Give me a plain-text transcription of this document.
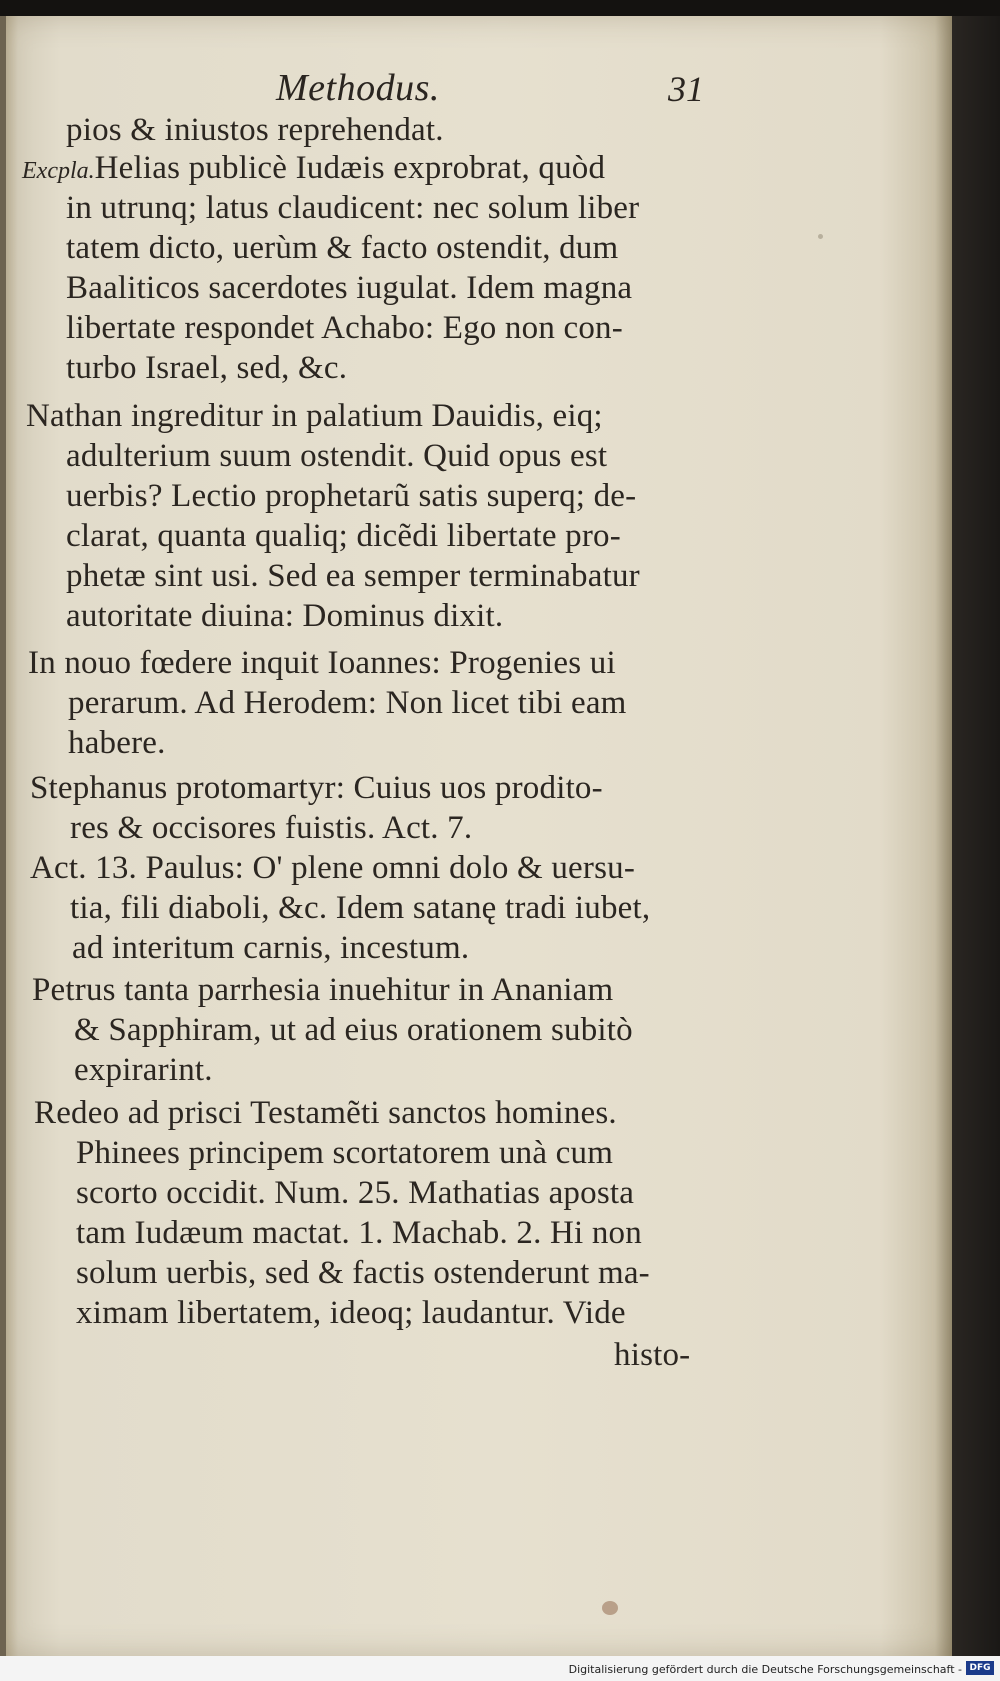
Methodus.	31
pios & iniustos reprehendat.
Excpla.Helias publicè Iudæis exprobrat, quòd
in utrunq; latus claudicent: nec solum liber
tatem dicto, uerùm & facto ostendit, dum
Baaliticos sacerdotes iugulat. Idem magna
libertate respondet Achabo: Ego non con-
turbo Israel, sed, &c.
Nathan ingreditur in palatium Dauidis, eiq;
adulterium suum ostendit. Quid opus est
uerbis? Lectio prophetarũ satis superq; de-
clarat, quanta qualiq; dicẽdi libertate pro-
phetæ sint usi. Sed ea semper terminabatur
autoritate diuina: Dominus dixit.
In nouo fœdere inquit Ioannes: Progenies ui
perarum. Ad Herodem: Non licet tibi eam
habere.
Stephanus protomartyr: Cuius uos prodito-
res & occisores fuistis. Act. 7.
Act. 13. Paulus: O' plene omni dolo & uersu-
tia, fili diaboli, &c. Idem satanę tradi iubet,
ad interitum carnis, incestum.
Petrus tanta parrhesia inuehitur in Ananiam
& Sapphiram, ut ad eius orationem subitò
expirarint.
Redeo ad prisci Testamẽti sanctos homines.
Phinees principem scortatorem unà cum
scorto occidit. Num. 25. Mathatias aposta
tam Iudæum mactat. 1. Machab. 2. Hi non
solum uerbis, sed & factis ostenderunt ma-
ximam libertatem, ideoq; laudantur. Vide
histo-
Digitalisierung gefördert durch die Deutsche Forschungsgemeinschaft - DFG
